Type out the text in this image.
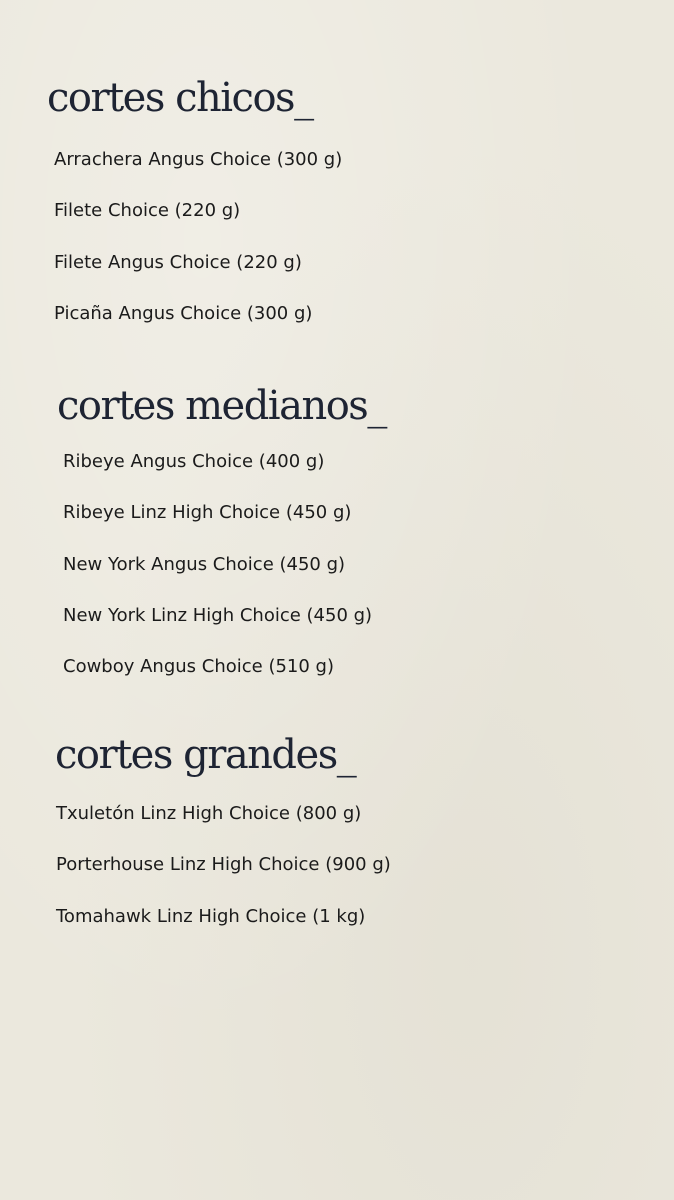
cortes chicos_
Arrachera Angus Choice (300 g)
Filete Choice (220 g)
Filete Angus Choice (220 g)
Picaña Angus Choice (300 g)
cortes medianos_
Ribeye Angus Choice (400 g)
Ribeye Linz High Choice (450 g)
New York Angus Choice (450 g)
New York Linz High Choice (450 g)
Cowboy Angus Choice (510 g)
cortes grandes_
Txuletón Linz High Choice (800 g)
Porterhouse Linz High Choice (900 g)
Tomahawk Linz High Choice (1 kg)
